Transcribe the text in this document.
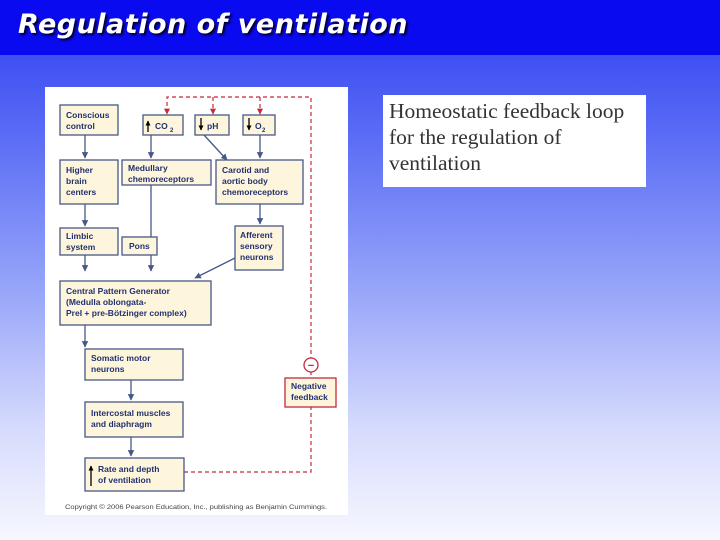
Regulation of ventilation
Conscious
control	CO 2	pH	O 2
Higher
brain
centers
Medullary
chemoreceptors
Carotid and
aortic body
chemoreceptors
Limbic
system	Pons
Afferent
sensory
neurons
Central Pattern Generator
(Medulla oblongata-
PreI + pre-Bötzinger complex)
Somatic motor
neurons
Intercostal muscles
and diaphragm
Rate and depth
of ventilation
−
Negative
feedback
Copyright © 2006 Pearson Education, Inc., publishing as Benjamin Cummings.
Homeostatic feedback loop for the regulation of ventilation
